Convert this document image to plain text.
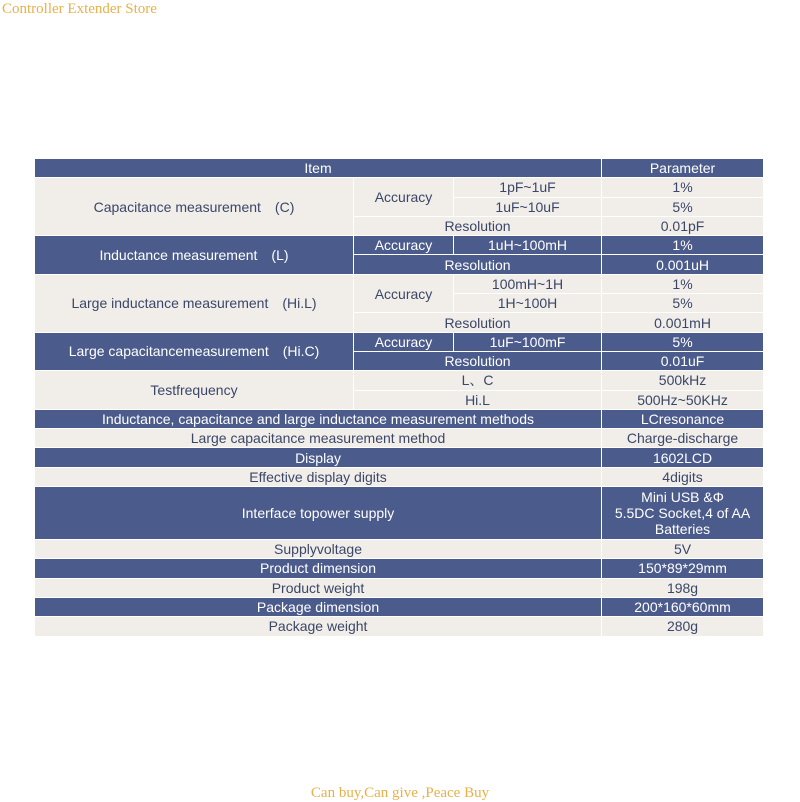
Controller Extender Store
Item			Parameter
Capacitance measurement　(C)	Accuracy	1pF~1uF	1%
		1uF~10uF	5%
	Resolution		0.01pF
Inductance measurement　(L)	Accuracy	1uH~100mH	1%
	Resolution		0.001uH
Large inductance measurement　(Hi.L)	Accuracy	100mH~1H	1%
		1H~100H	5%
	Resolution		0.001mH
Large capacitancemeasurement　(Hi.C)	Accuracy	1uF~100mF	5%
	Resolution		0.01uF
Testfrequency	L、C		500kHz
	Hi.L		500Hz~50KHz
Inductance, capacitance and large inductance measurement methods			LCresonance
Large capacitance measurement method			Charge-discharge
Display			1602LCD
Effective display digits			4digits
Interface topower supply			Mini USB &Φ
5.5DC Socket,4 of AA
Batteries
Supplyvoltage			5V
Product dimension			150*89*29mm
Product weight			198g
Package dimension			200*160*60mm
Package weight			280g
Can buy,Can give ,Peace Buy
